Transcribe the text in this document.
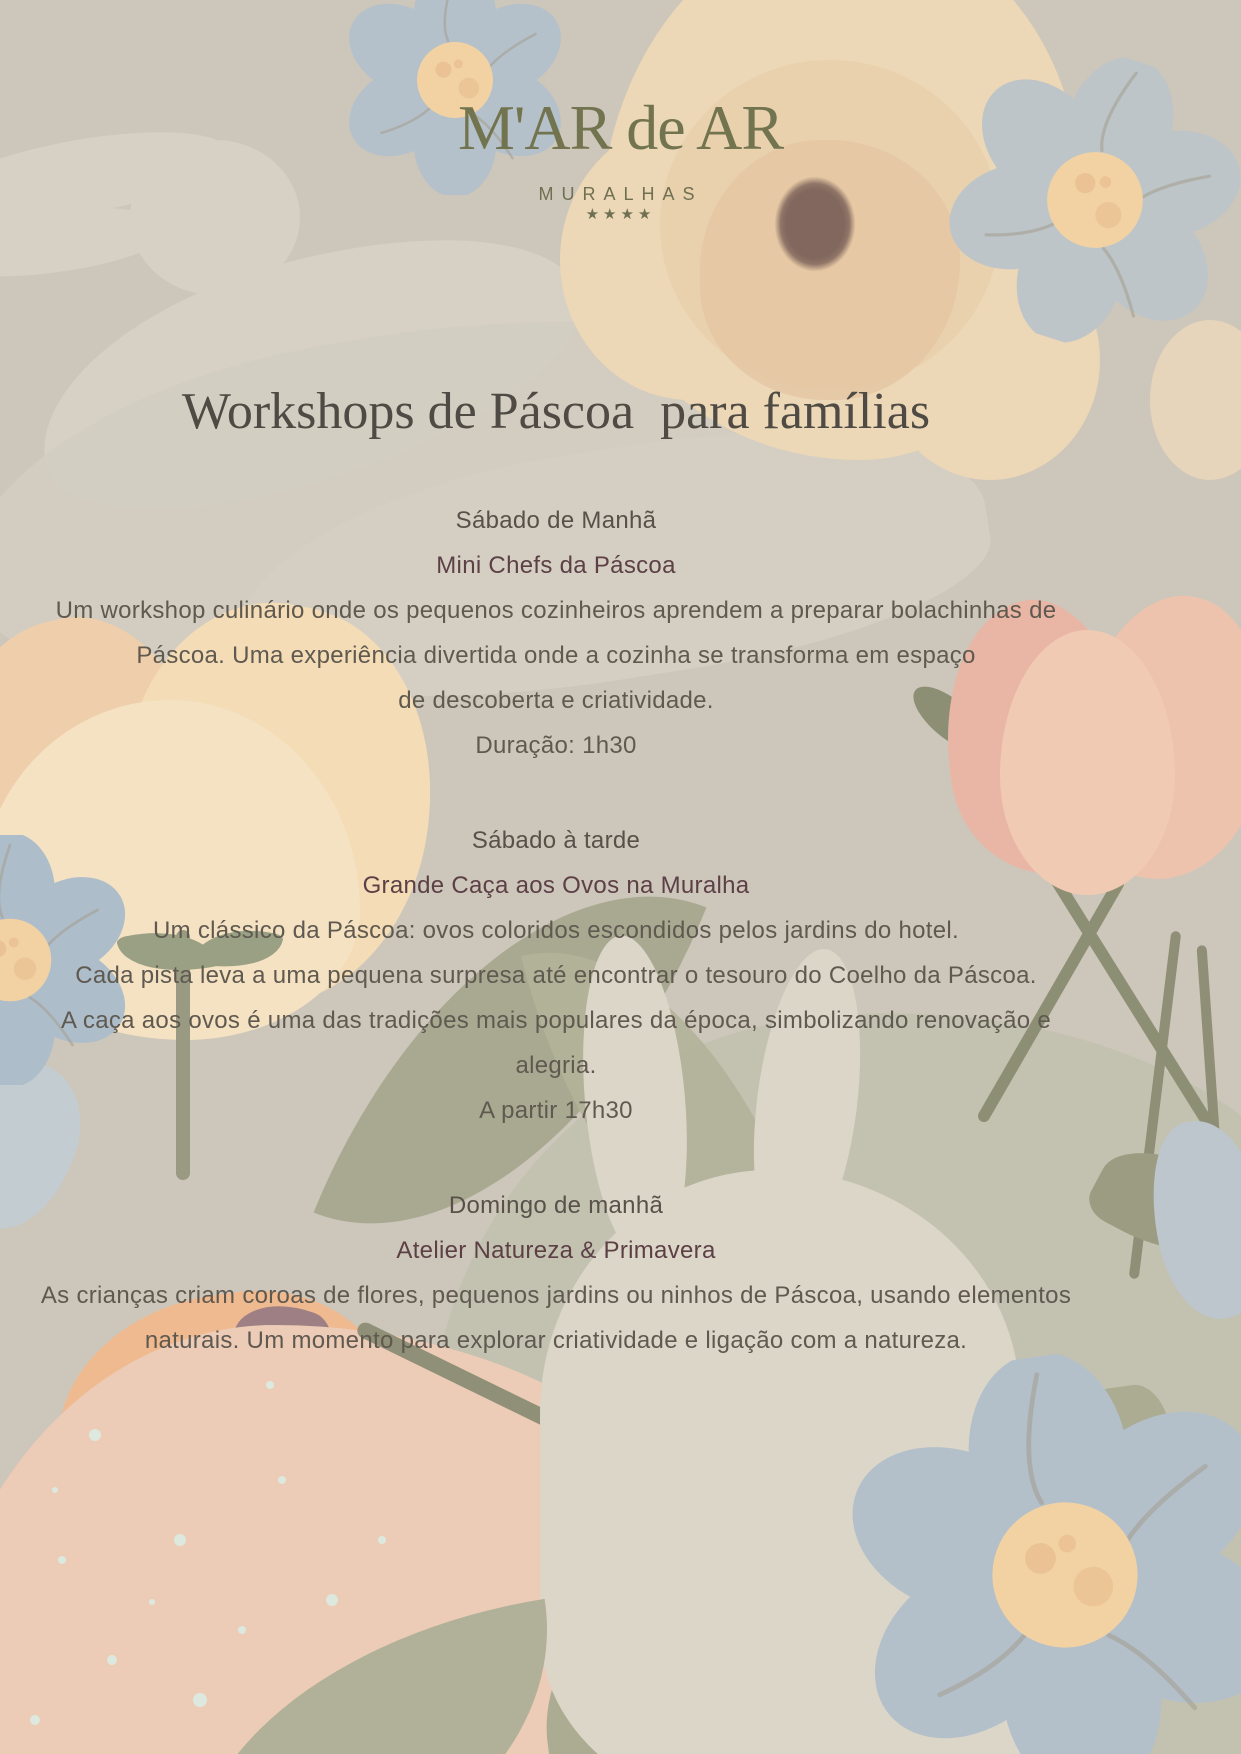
M'AR de AR
MURALHAS
★★★★
Workshops de Páscoa  para famílias
Sábado de Manhã
Mini Chefs da Páscoa
Um workshop culinário onde os pequenos cozinheiros aprendem a preparar bolachinhas de
Páscoa. Uma experiência divertida onde a cozinha se transforma em espaço
de descoberta e criatividade.
Duração: 1h30
Sábado à tarde
Grande Caça aos Ovos na Muralha
Um clássico da Páscoa: ovos coloridos escondidos pelos jardins do hotel.
Cada pista leva a uma pequena surpresa até encontrar o tesouro do Coelho da Páscoa.
A caça aos ovos é uma das tradições mais populares da época, simbolizando renovação e
alegria.
A partir 17h30
Domingo de manhã
Atelier Natureza & Primavera
As crianças criam coroas de flores, pequenos jardins ou ninhos de Páscoa, usando elementos
naturais. Um momento para explorar criatividade e ligação com a natureza.
